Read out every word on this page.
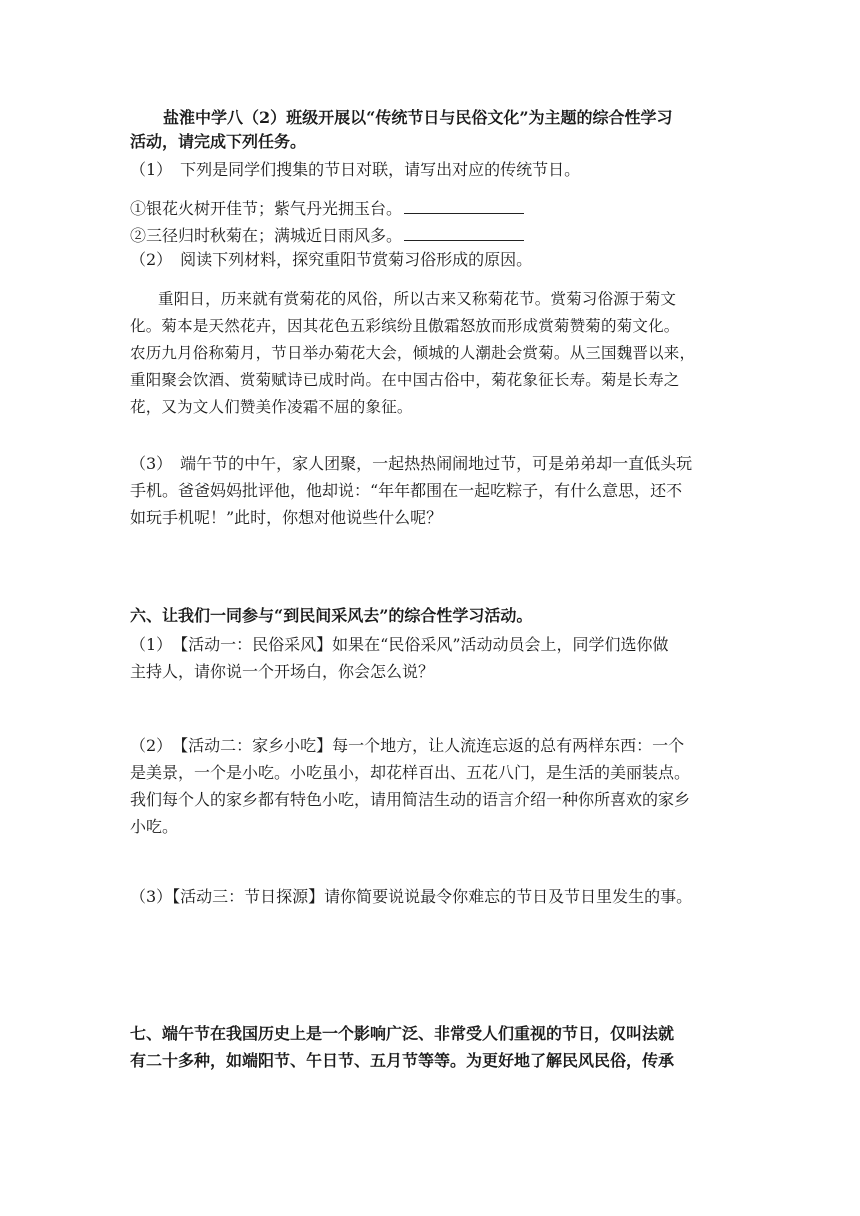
盐淮中学八（2）班级开展以“传统节日与民俗文化”为主题的综合性学习

活动，请完成下列任务。

（1）　下列是同学们搜集的节日对联，请写出对应的传统节日。

①银花火树开佳节；紫气丹光拥玉台。

②三径归时秋菊在；满城近日雨风多。

（2）　阅读下列材料，探究重阳节赏菊习俗形成的原因。

重阳日，历来就有赏菊花的风俗，所以古来又称菊花节。赏菊习俗源于菊文

化。菊本是天然花卉，因其花色五彩缤纷且傲霜怒放而形成赏菊赞菊的菊文化。

农历九月俗称菊月，节日举办菊花大会，倾城的人潮赴会赏菊。从三国魏晋以来，

重阳聚会饮酒、赏菊赋诗已成时尚。在中国古俗中，菊花象征长寿。菊是长寿之

花，又为文人们赞美作凌霜不屈的象征。

（3）　端午节的中午，家人团聚，一起热热闹闹地过节，可是弟弟却一直低头玩

手机。爸爸妈妈批评他，他却说：“年年都围在一起吃粽子，有什么意思，还不

如玩手机呢！”此时，你想对他说些什么呢？

六、让我们一同参与“到民间采风去”的综合性学习活动。

（1）　【活动一：民俗采风】如果在“民俗采风”活动动员会上，同学们选你做

主持人，请你说一个开场白，你会怎么说？

（2）　【活动二：家乡小吃】每一个地方，让人流连忘返的总有两样东西：一个

是美景，一个是小吃。小吃虽小，却花样百出、五花八门，是生活的美丽装点。

我们每个人的家乡都有特色小吃，请用简洁生动的语言介绍一种你所喜欢的家乡

小吃。

（3）【活动三：节日探源】请你简要说说最令你难忘的节日及节日里发生的事。

七、端午节在我国历史上是一个影响广泛、非常受人们重视的节日，仅叫法就

有二十多种，如端阳节、午日节、五月节等等。为更好地了解民风民俗，传承
